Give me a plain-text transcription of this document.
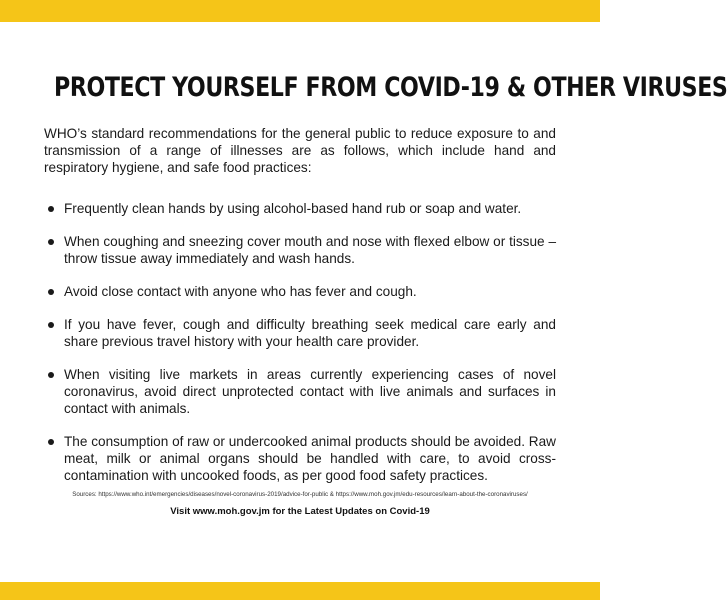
PROTECT YOURSELF FROM COVID-19 & OTHER VIRUSES

WHO’s standard recommendations for the general public to reduce exposure to and transmission of a range of illnesses are as follows, which include hand and respiratory hygiene, and safe food practices:

Frequently clean hands by using alcohol-based hand rub or soap and water.
When coughing and sneezing cover mouth and nose with flexed elbow or tissue – throw tissue away immediately and wash hands.
Avoid close contact with anyone who has fever and cough.
If you have fever, cough and difficulty breathing seek medical care early and share previous travel history with your health care provider.
When visiting live markets in areas currently experiencing cases of novel coronavirus, avoid direct unprotected contact with live animals and surfaces in contact with animals.
The consumption of raw or undercooked animal products should be avoided. Raw meat, milk or animal organs should be handled with care, to avoid cross-contamination with uncooked foods, as per good food safety practices.
Sources: https://www.who.int/emergencies/diseases/novel-coronavirus-2019/advice-for-public & https://www.moh.gov.jm/edu-resources/learn-about-the-coronaviruses/
Visit www.moh.gov.jm for the Latest Updates on Covid-19
